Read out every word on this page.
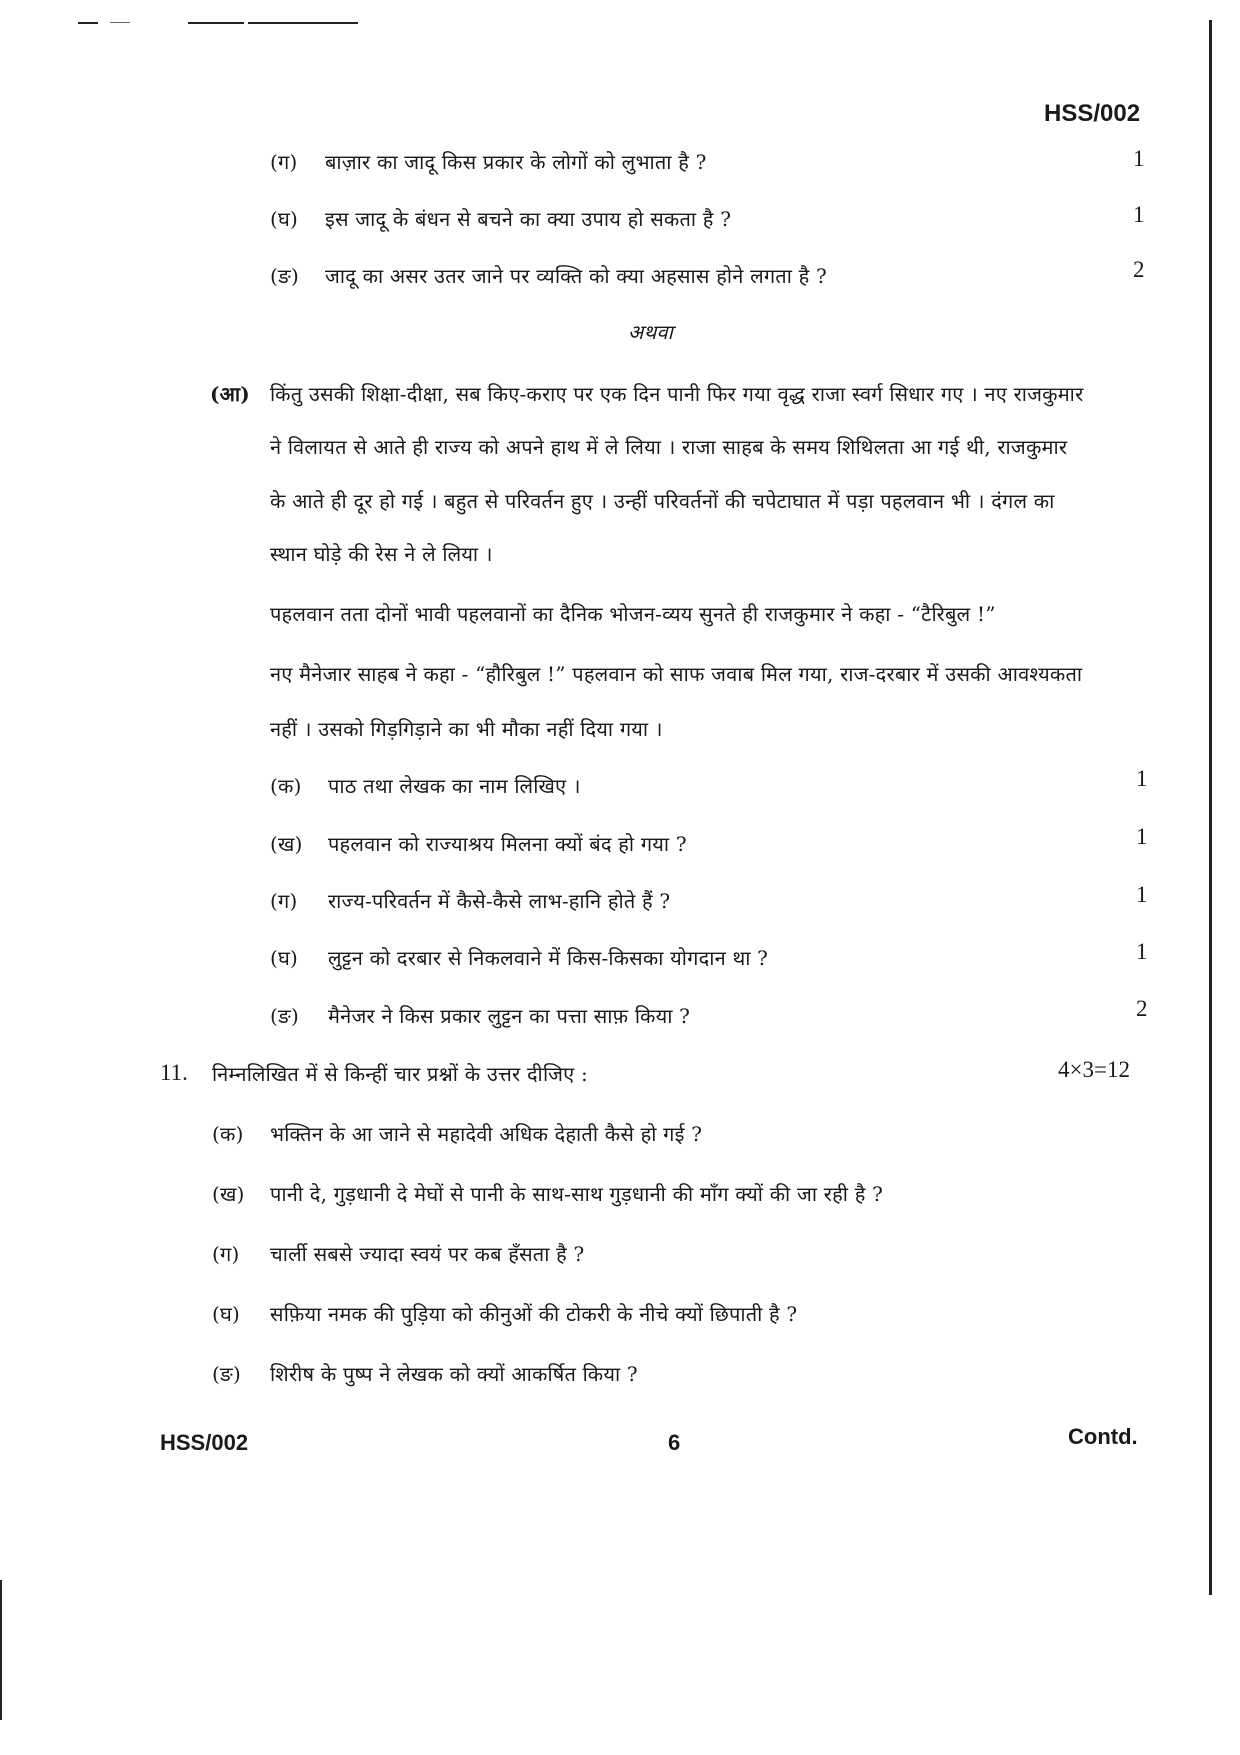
HSS/002
(ग) बाज़ार का जादू किस प्रकार के लोगों को लुभाता है ?	1
(घ) इस जादू के बंधन से बचने का क्या उपाय हो सकता है ?	1
(ङ) जादू का असर उतर जाने पर व्यक्ति को क्या अहसास होने लगता है ?	2
अथवा
(आ) किंतु उसकी शिक्षा-दीक्षा, सब किए-कराए पर एक दिन पानी फिर गया वृद्ध राजा स्वर्ग सिधार गए । नए राजकुमार
ने विलायत से आते ही राज्य को अपने हाथ में ले लिया । राजा साहब के समय शिथिलता आ गई थी, राजकुमार
के आते ही दूर हो गई । बहुत से परिवर्तन हुए । उन्हीं परिवर्तनों की चपेटाघात में पड़ा पहलवान भी । दंगल का
स्थान घोड़े की रेस ने ले लिया ।
पहलवान तता दोनों भावी पहलवानों का दैनिक भोजन-व्यय सुनते ही राजकुमार ने कहा - “टैरिबुल !”
नए मैनेजार साहब ने कहा - “हौरिबुल !” पहलवान को साफ जवाब मिल गया, राज-दरबार में उसकी आवश्यकता
नहीं । उसको गिड़गिड़ाने का भी मौका नहीं दिया गया ।
(क) पाठ तथा लेखक का नाम लिखिए ।	1
(ख) पहलवान को राज्याश्रय मिलना क्यों बंद हो गया ?	1
(ग) राज्य-परिवर्तन में कैसे-कैसे लाभ-हानि होते हैं ?	1
(घ) लुट्टन को दरबार से निकलवाने में किस-किसका योगदान था ?	1
(ङ) मैनेजर ने किस प्रकार लुट्टन का पत्ता साफ़ किया ?	2
11. निम्नलिखित में से किन्हीं चार प्रश्नों के उत्तर दीजिए :	4×3=12
(क) भक्तिन के आ जाने से महादेवी अधिक देहाती कैसे हो गई ?
(ख) पानी दे, गुड़धानी दे मेघों से पानी के साथ-साथ गुड़धानी की माँग क्यों की जा रही है ?
(ग) चार्ली सबसे ज्यादा स्वयं पर कब हँसता है ?
(घ) सफ़िया नमक की पुड़िया को कीनुओं की टोकरी के नीचे क्यों छिपाती है ?
(ङ) शिरीष के पुष्प ने लेखक को क्यों आकर्षित किया ?
HSS/002	6	Contd.
